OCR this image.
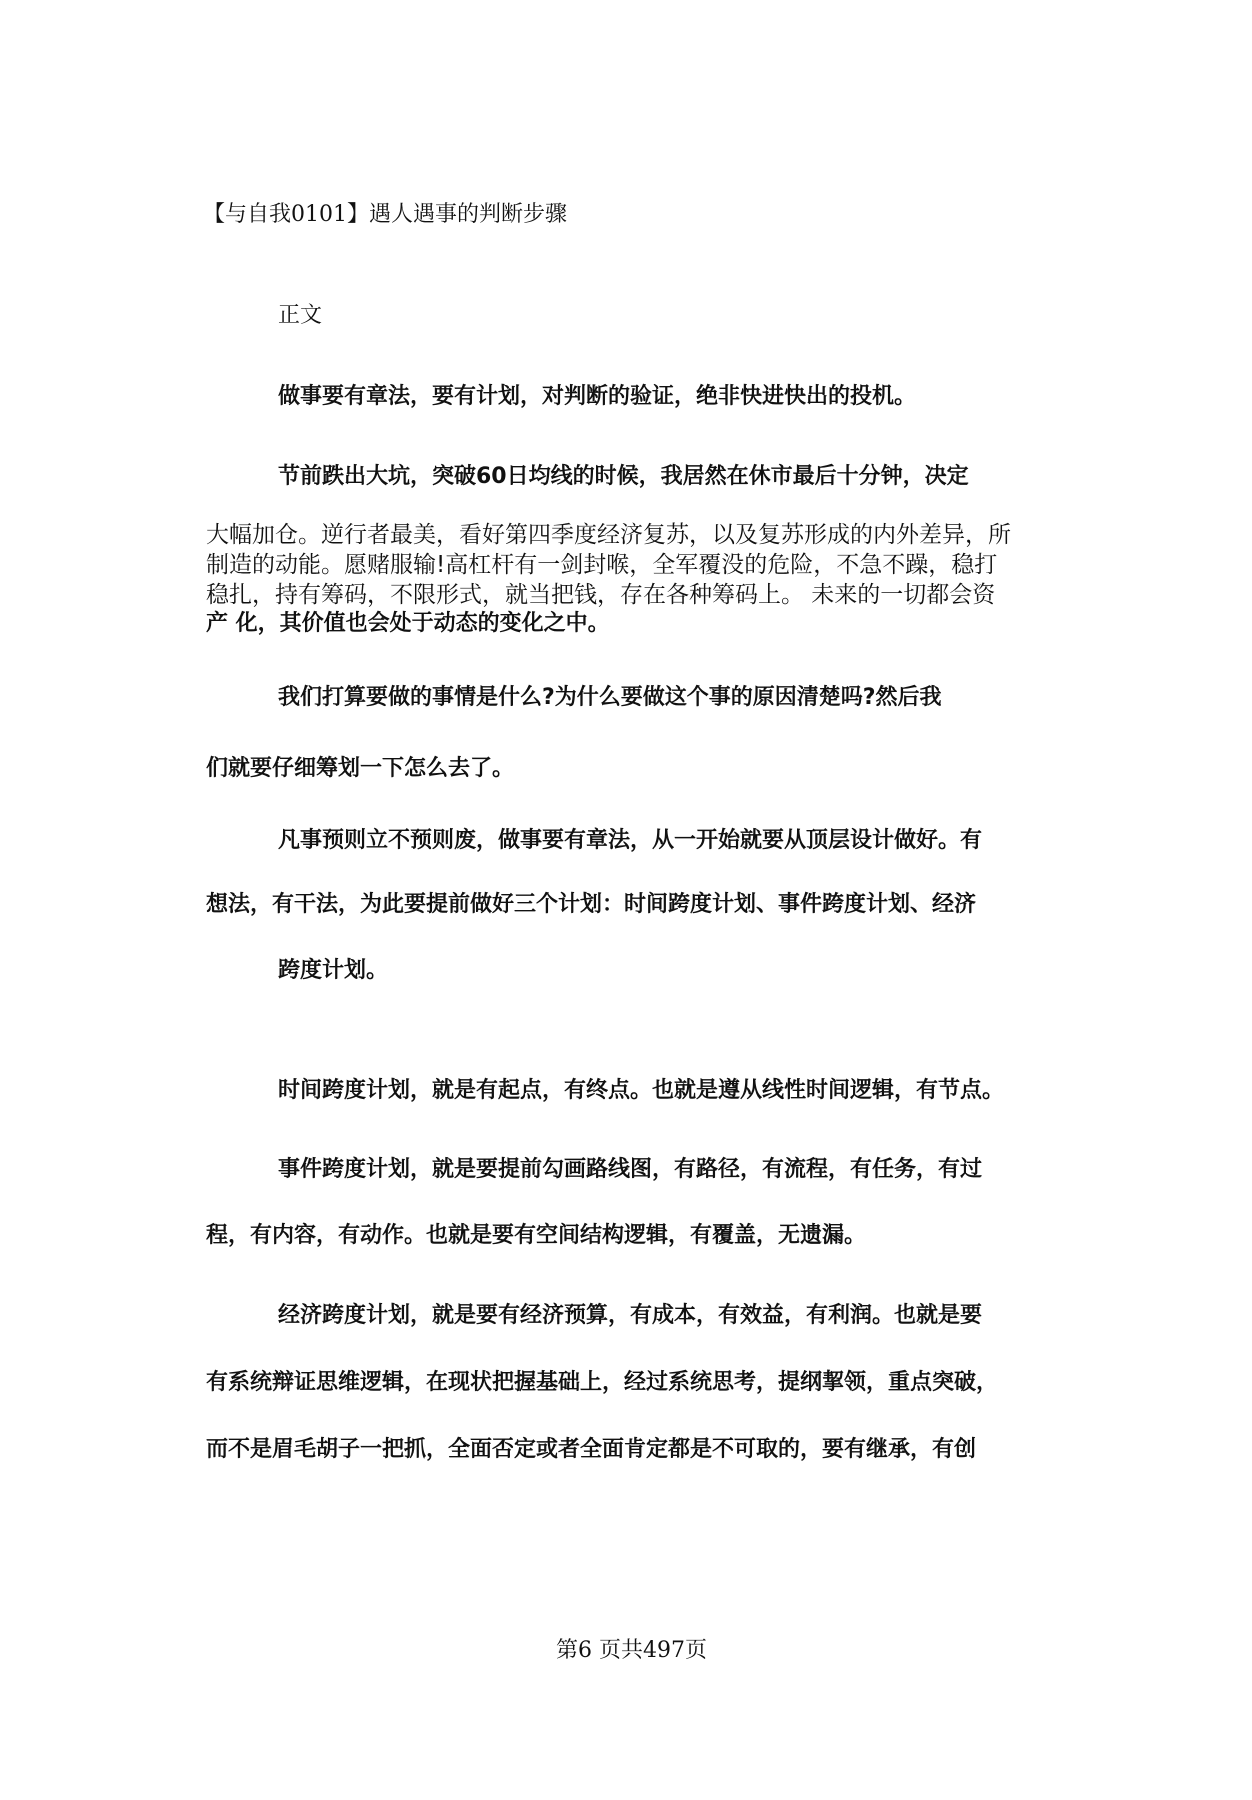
【与自我0101】遇人遇事的判断步骤
正文
做事要有章法，要有计划，对判断的验证，绝非快进快出的投机。
节前跌出大坑，突破60日均线的时候，我居然在休市最后十分钟，决定
大幅加仓。逆行者最美，看好第四季度经济复苏，以及复苏形成的内外差异，所
制造的动能。愿赌服输!高杠杆有一剑封喉，全军覆没的危险，不急不躁，稳打
稳扎，持有筹码，不限形式，就当把钱，存在各种筹码上。 未来的一切都会资
产 化，其价值也会处于动态的变化之中。
我们打算要做的事情是什么?为什么要做这个事的原因清楚吗?然后我
们就要仔细筹划一下怎么去了。
凡事预则立不预则废，做事要有章法，从一开始就要从顶层设计做好。有
想法，有干法，为此要提前做好三个计划：时间跨度计划、事件跨度计划、经济
跨度计划。
时间跨度计划，就是有起点，有终点。也就是遵从线性时间逻辑，有节点。
事件跨度计划，就是要提前勾画路线图，有路径，有流程，有任务，有过
程，有内容，有动作。也就是要有空间结构逻辑，有覆盖，无遗漏。
经济跨度计划，就是要有经济预算，有成本，有效益，有利润。也就是要
有系统辩证思维逻辑，在现状把握基础上，经过系统思考，提纲挈领，重点突破，
而不是眉毛胡子一把抓，全面否定或者全面肯定都是不可取的，要有继承，有创
第6 页共497页
